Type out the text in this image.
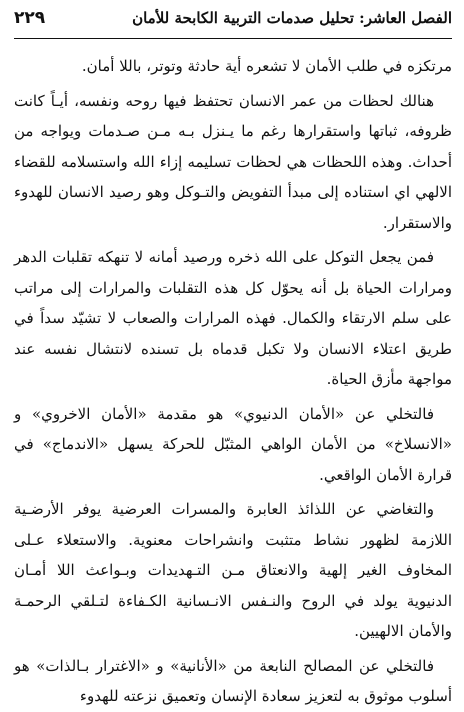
الفصل العاشر: تحليل صدمات التربية الكابحة للأمان
٢٢٩

مرتكزه في طلب الأمان لا تشعره أية حادثة وتوتر، باللا أمان.

هنالك لحظات من عمر الانسان تحتفظ فيها روحه ونفسه، أيـاً كانت ظروفه، ثباتها واستقرارها رغم ما يـنزل بـه مـن صـدمات ويواجه من أحداث. وهذه اللحظات هي لحظات تسليمه إزاء الله واستسلامه للقضاء الالهي اي استناده إلى مبدأ التفويض والتـوكل وهو رصيد الانسان للهدوء والاستقرار.

فمن يجعل التوكل على الله ذخره ورصيد أمانه لا تنهكه تقلبات الدهر ومرارات الحياة بل أنه يحوّل كل هذه التقلبات والمرارات إلى مراتب على سلم الارتقاء والكمال. فهذه المرارات والصعاب لا تشيّد سداً في طريق اعتلاء الانسان ولا تكبل قدماه بل تسنده لانتشال نفسه عند مواجهة مأزق الحياة.

فالتخلي عن «الأمان الدنيوي» هو مقدمة «الأمان الاخروي» و «الانسلاخ» من الأمان الواهي المثبّل للحركة يسهل «الاندماج» في قرارة الأمان الواقعي.

والتغاضي عن اللذائذ العابرة والمسرات العرضية يوفر الأرضـية اللازمة لظهور نشاط متثبت وانشراحات معنوية. والاستعلاء عـلى المخاوف الغير إلهية والانعتاق مـن التـهديدات وبـواعث اللا أمـان الدنيوية يولد في الروح والنـفس الانـسانية الكـفاءة لتـلقي الرحمـة والأمان الالهيين.

فالتخلي عن المصالح النابعة من «الأنانية» و «الاغترار بـالذات» هو أسلوب موثوق به لتعزيز سعادة الإنسان وتعميق نزعته للهدوء
